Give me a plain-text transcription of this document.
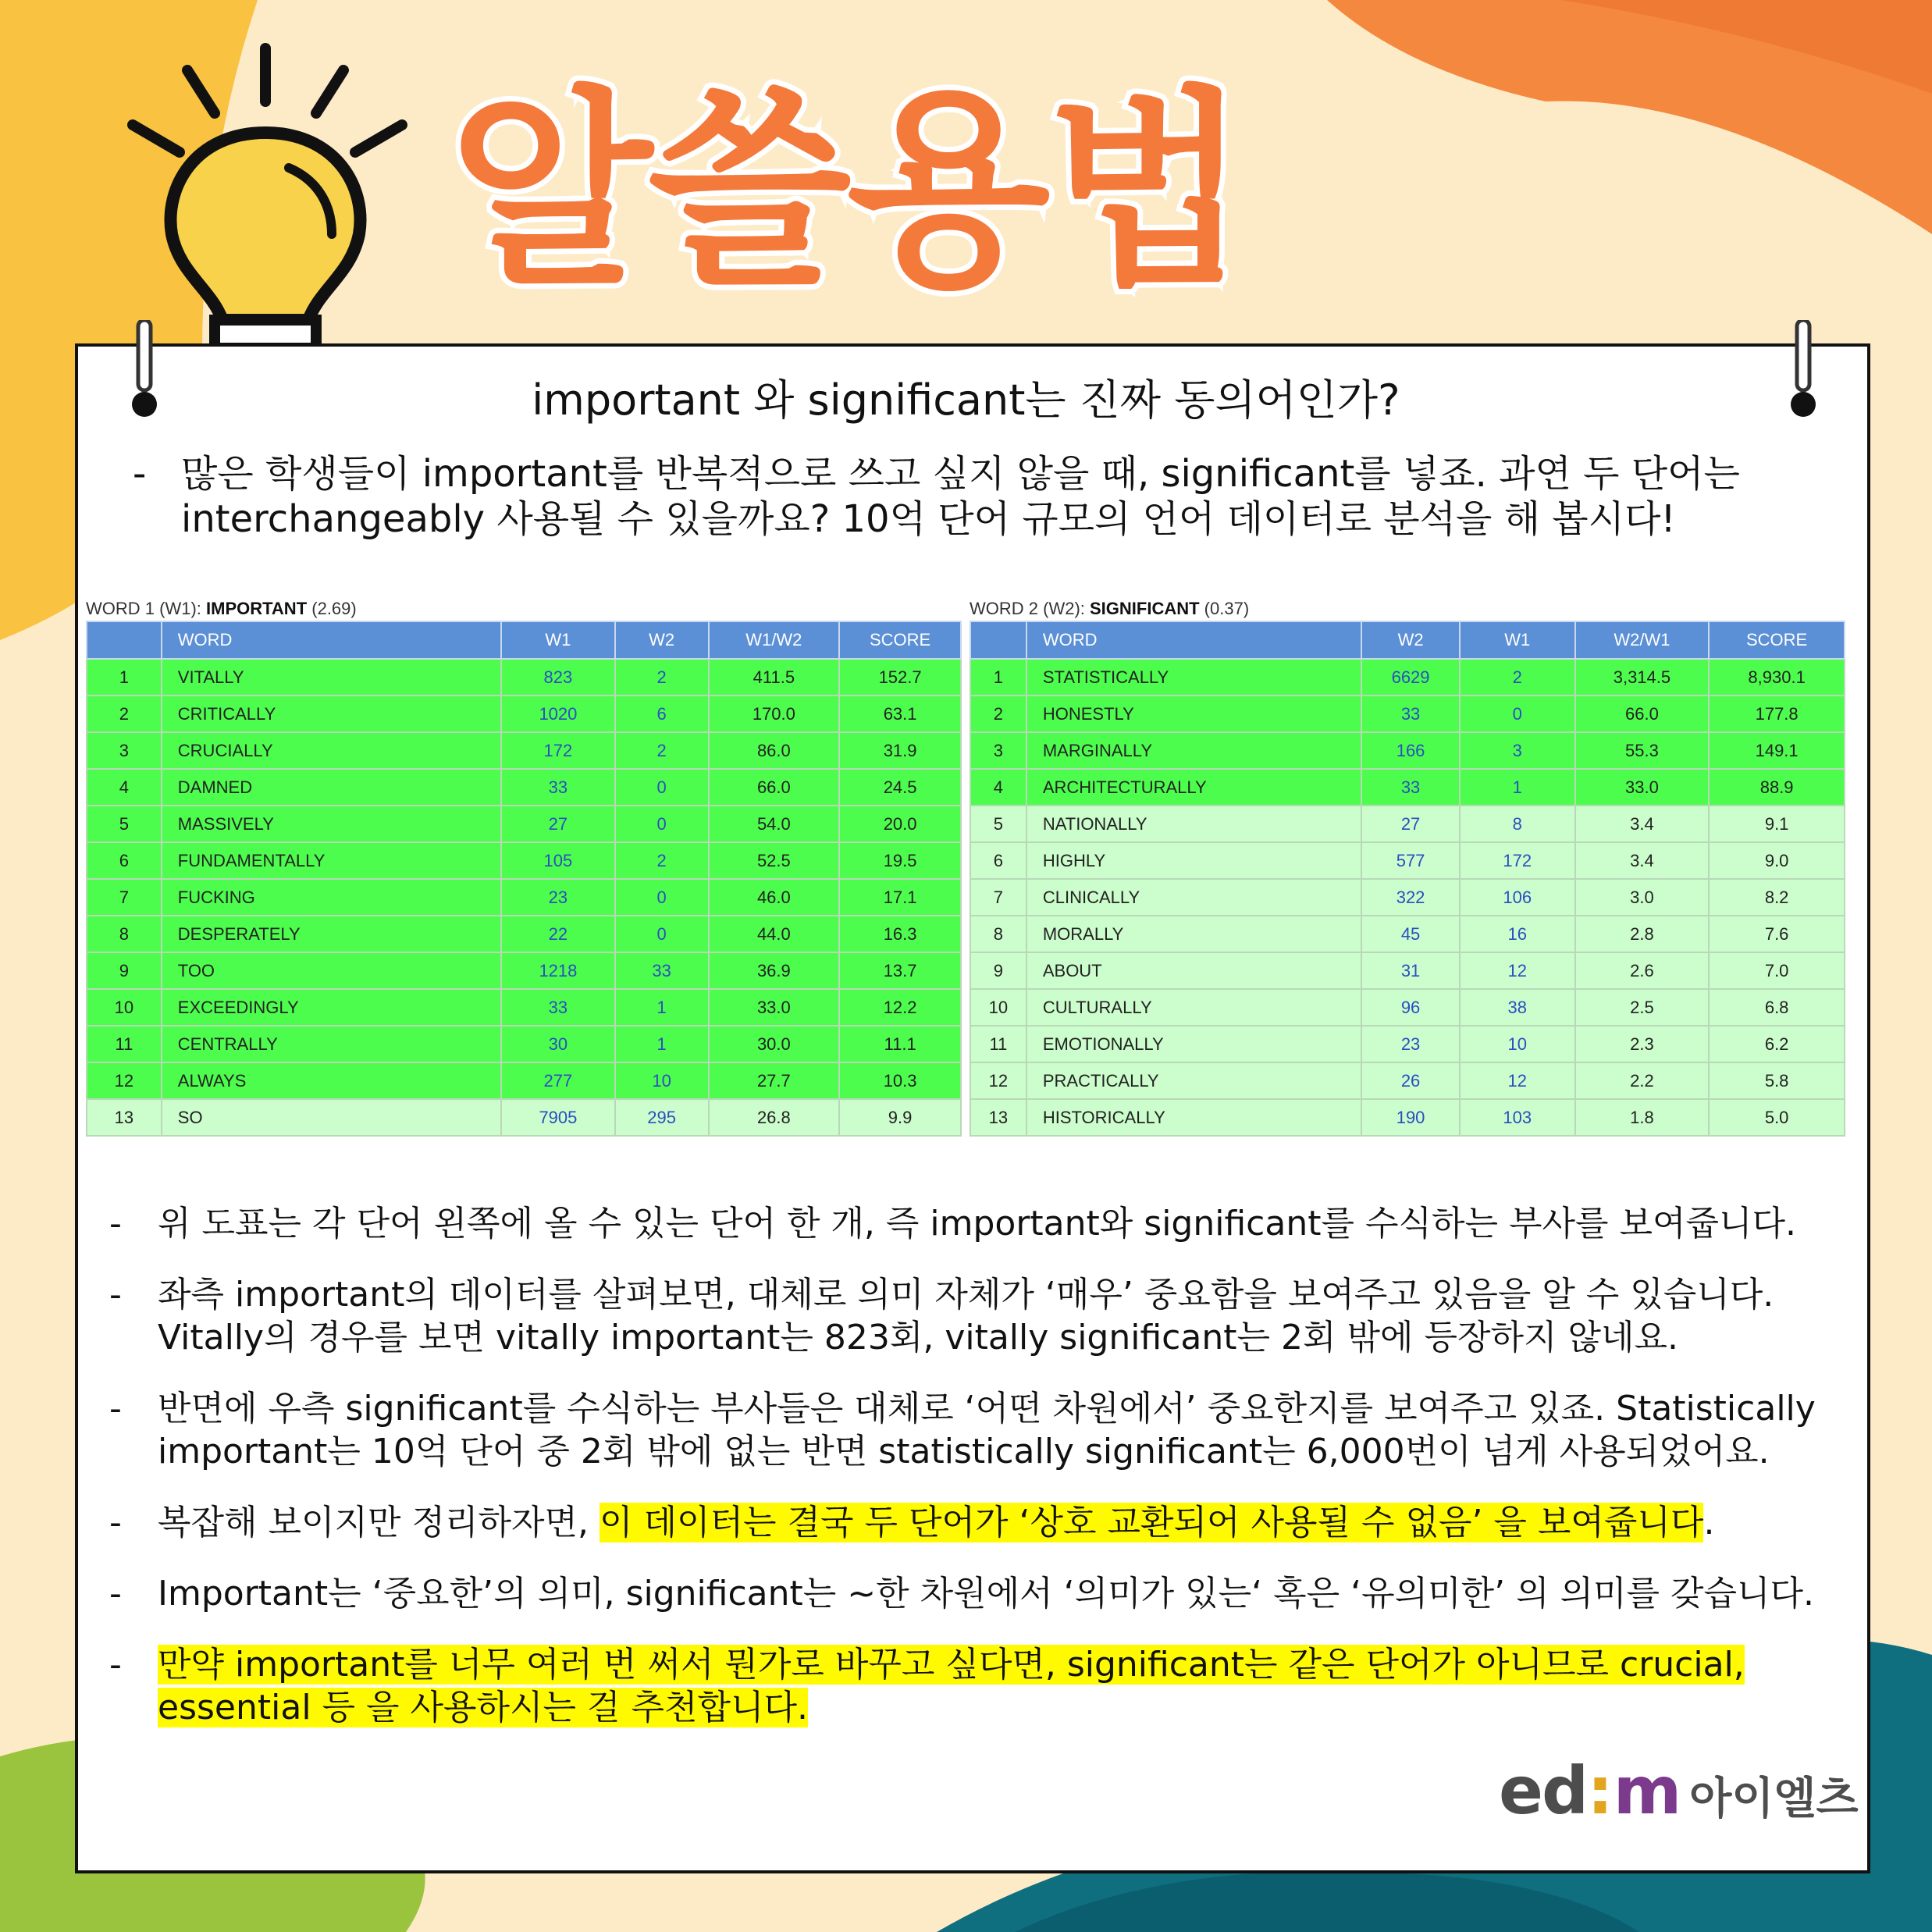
알쓸용법
important 와 significant는 진짜 동의어인가?
- 많은 학생들이 important를 반복적으로 쓰고 싶지 않을 때, significant를 넣죠. 과연 두 단어는 interchangeably 사용될 수 있을까요? 10억 단어 규모의 언어 데이터로 분석을 해 봅시다!
WORD 1 (W1): IMPORTANT (2.69)
	WORD	W1	W2	W1/W2	SCORE
1	VITALLY	823	2	411.5	152.7
2	CRITICALLY	1020	6	170.0	63.1
3	CRUCIALLY	172	2	86.0	31.9
4	DAMNED	33	0	66.0	24.5
5	MASSIVELY	27	0	54.0	20.0
6	FUNDAMENTALLY	105	2	52.5	19.5
7	FUCKING	23	0	46.0	17.1
8	DESPERATELY	22	0	44.0	16.3
9	TOO	1218	33	36.9	13.7
10	EXCEEDINGLY	33	1	33.0	12.2
11	CENTRALLY	30	1	30.0	11.1
12	ALWAYS	277	10	27.7	10.3
13	SO	7905	295	26.8	9.9
WORD 2 (W2): SIGNIFICANT (0.37)
	WORD	W2	W1	W2/W1	SCORE
1	STATISTICALLY	6629	2	3,314.5	8,930.1
2	HONESTLY	33	0	66.0	177.8
3	MARGINALLY	166	3	55.3	149.1
4	ARCHITECTURALLY	33	1	33.0	88.9
5	NATIONALLY	27	8	3.4	9.1
6	HIGHLY	577	172	3.4	9.0
7	CLINICALLY	322	106	3.0	8.2
8	MORALLY	45	16	2.8	7.6
9	ABOUT	31	12	2.6	7.0
10	CULTURALLY	96	38	2.5	6.8
11	EMOTIONALLY	23	10	2.3	6.2
12	PRACTICALLY	26	12	2.2	5.8
13	HISTORICALLY	190	103	1.8	5.0
- 위 도표는 각 단어 왼쪽에 올 수 있는 단어 한 개, 즉 important와 significant를 수식하는 부사를 보여줍니다.
- 좌측 important의 데이터를 살펴보면, 대체로 의미 자체가 ‘매우’ 중요함을 보여주고 있음을 알 수 있습니다. Vitally의 경우를 보면 vitally important는 823회, vitally significant는 2회 밖에 등장하지 않네요.
- 반면에 우측 significant를 수식하는 부사들은 대체로 ‘어떤 차원에서’ 중요한지를 보여주고 있죠. Statistically important는 10억 단어 중 2회 밖에 없는 반면 statistically significant는 6,000번이 넘게 사용되었어요.
- 복잡해 보이지만 정리하자면, 이 데이터는 결국 두 단어가 ‘상호 교환되어 사용될 수 없음’ 을 보여줍니다.
- Important는 ‘중요한’의 의미, significant는 ~한 차원에서 ‘의미가 있는‘ 혹은 ‘유의미한’ 의 의미를 갖습니다.
- 만약 important를 너무 여러 번 써서 뭔가로 바꾸고 싶다면, significant는 같은 단어가 아니므로 crucial, essential 등 을 사용하시는 걸 추천합니다.
ed:m 아이엘츠
